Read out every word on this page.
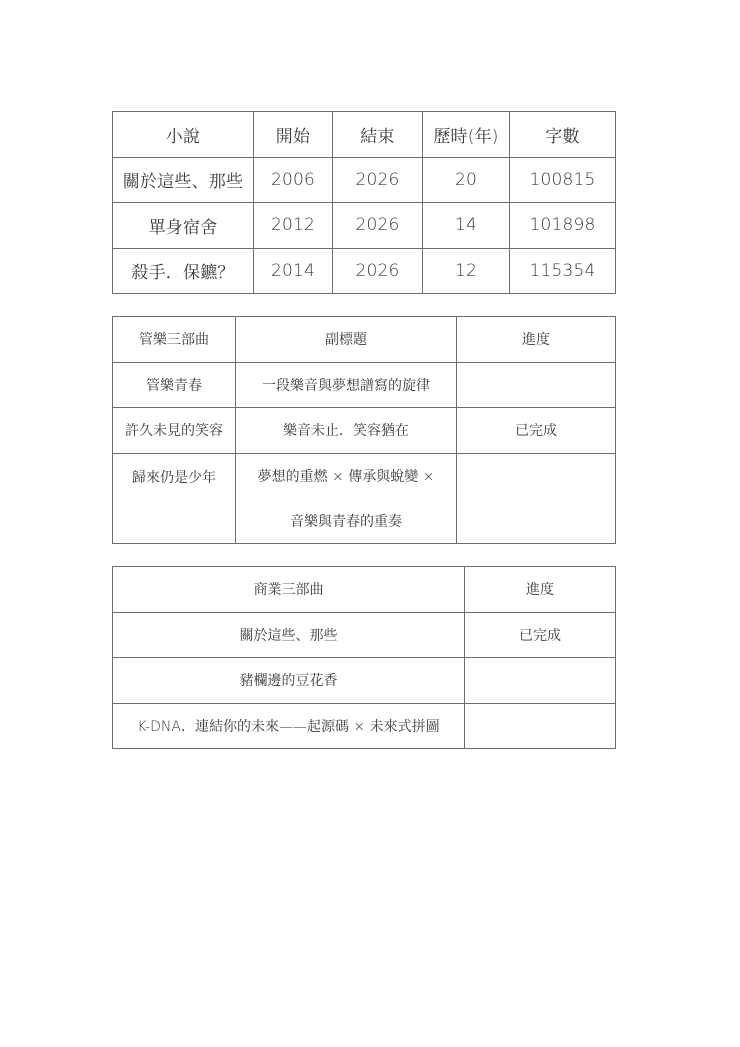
小說	開始	結束	歷時(年)	字數
關於這些、那些	2006	2026	20	100815
單身宿舍	2012	2026	14	101898
殺手．保鑣？	2014	2026	12	115354
管樂三部曲	副標題	進度
管樂青春	一段樂音與夢想譜寫的旋律	
許久未見的笑容	樂音未止．笑容猶在	已完成
歸來仍是少年	夢想的重燃 × 傳承與蛻變 ×
音樂與青春的重奏	

商業三部曲	進度
關於這些、那些	已完成
豬欄邊的豆花香	
K-DNA．連結你的未來——起源碼 × 未來式拼圖	
